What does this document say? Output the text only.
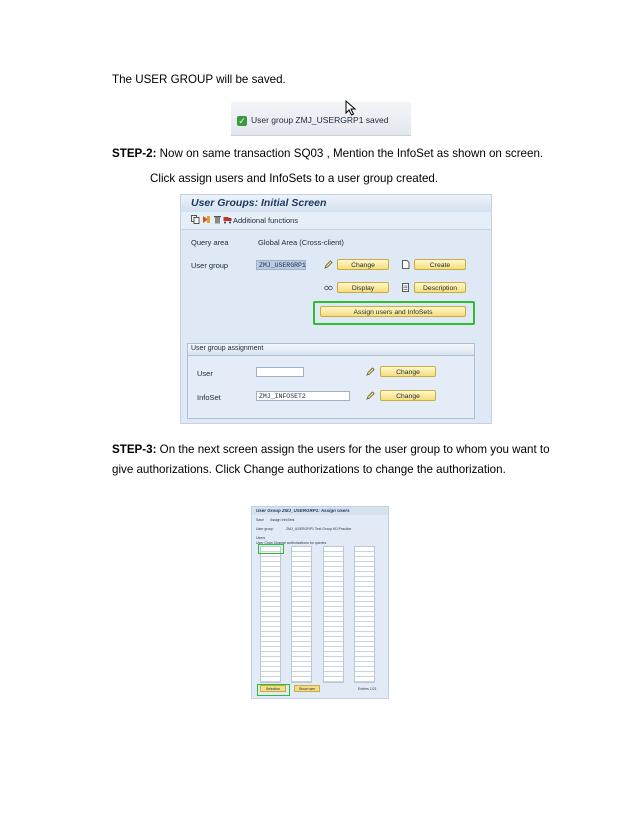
The USER GROUP will be saved.
✓ User group ZMJ_USERGRP1 saved
STEP-2: Now on same transaction SQ03 , Mention the InfoSet as shown on screen.
Click assign users and InfoSets to a user group created.
User Groups: Initial Screen
Additional functions
Query area	Global Area (Cross-client)
User group	ZMJ_USERGRP1	Change	Create
Display	Description
Assign users and InfoSets
User group assignment
User	Change
InfoSet	ZMJ_INFOSET2	Change
STEP-3: On the next screen assign the users for the user group to whom you want to
give authorizations. Click Change authorizations to change the authorization.
User Group ZMJ_USERGRP1: Assign Users
Save Assign InfoSets
User group	ZMJ_USERGRP1 Test Group MJ Practice
Users
User Chan Change authorizations for queries
Selection	Show user	Entries 1/21
